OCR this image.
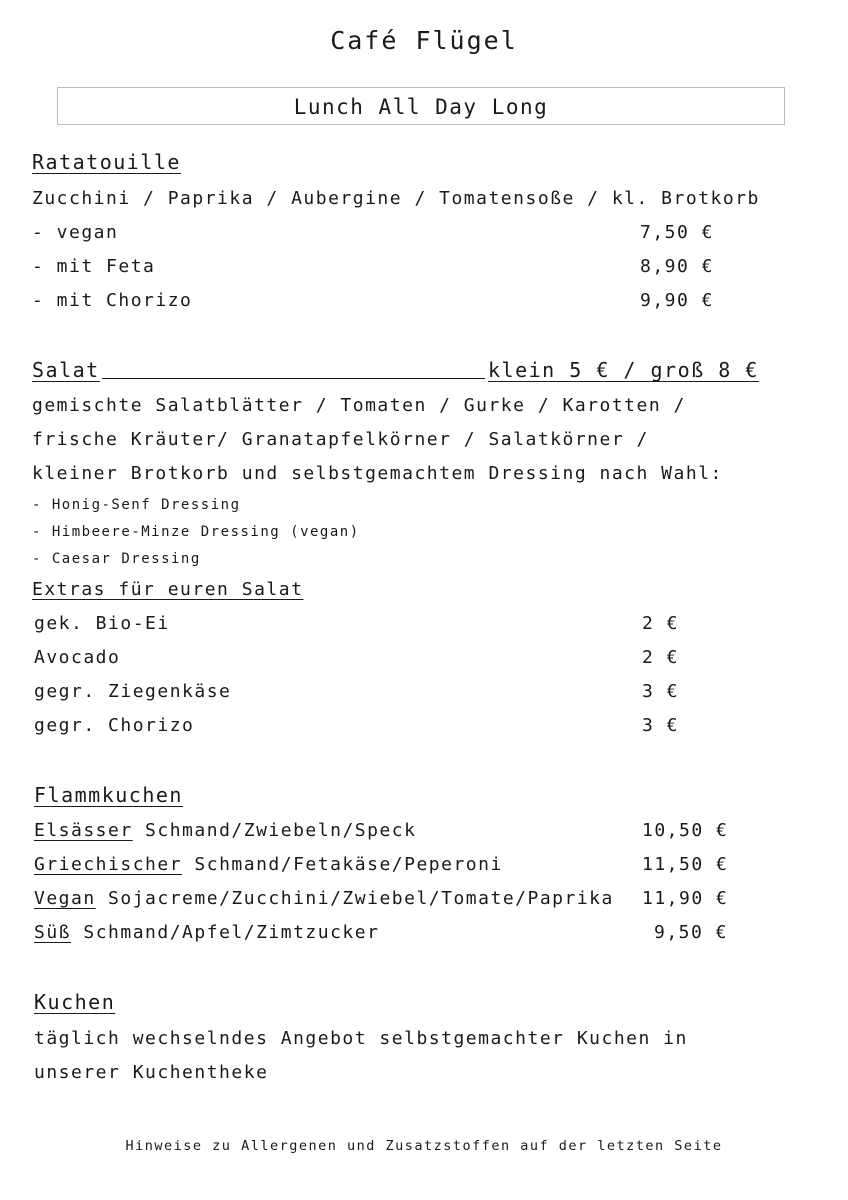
Café Flügel
Lunch All Day Long
Ratatouille
Zucchini / Paprika / Aubergine / Tomatensoße / kl. Brotkorb
- vegan	7,50 €
- mit Feta	8,90 €
- mit Chorizo	9,90 €
Salat	klein 5 € / groß 8 €
gemischte Salatblätter / Tomaten / Gurke / Karotten /
frische Kräuter/ Granatapfelkörner / Salatkörner /
kleiner Brotkorb und selbstgemachtem Dressing nach Wahl:
- Honig-Senf Dressing
- Himbeere-Minze Dressing (vegan)
- Caesar Dressing
Extras für euren Salat
gek. Bio-Ei	2 €
Avocado	2 €
gegr. Ziegenkäse	3 €
gegr. Chorizo	3 €
Flammkuchen
Elsässer Schmand/Zwiebeln/Speck	10,50 €
Griechischer Schmand/Fetakäse/Peperoni	11,50 €
Vegan Sojacreme/Zucchini/Zwiebel/Tomate/Paprika 11,90 €
Süß Schmand/Apfel/Zimtzucker	9,50 €
Kuchen
täglich wechselndes Angebot selbstgemachter Kuchen in
unserer Kuchentheke
Hinweise zu Allergenen und Zusatzstoffen auf der letzten Seite
